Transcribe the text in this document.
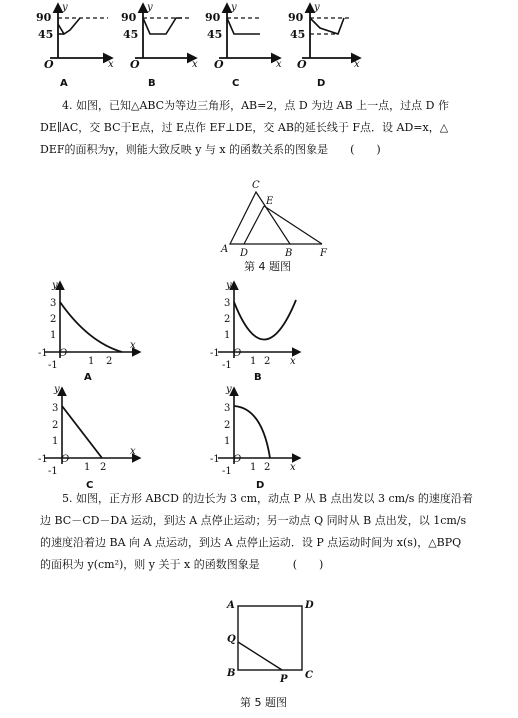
90
45
y
O	x
90
45
y
O	x
90
45
y
O	x
90
45
y
O	x
A	B	C	D
4. 如图，已知△ABC为等边三角形，AB=2，点 D 为边 AB 上一点，过点 D 作
DE∥AC，交 BC于E点，过 E点作 EF⊥DE，交 AB的延长线于 F点．设 AD=x，△
DEF的面积为y，则能大致反映 y 与 x 的函数关系的图象是　　(　　)
C
E
A D	B	F
第 4 题图
y
3
2
1
-1 O
1 2
x
-1
y
3
2
1
-1 O
1 2 x
-1
y
3
2
1
-1 O
1 2
x
-1
y
3
2
1
-1 O
1 2 x
-1
A	B
C	D
5. 如图，正方形 ABCD 的边长为 3 cm，动点 P 从 B 点出发以 3 cm/s 的速度沿着
边 BC－CD－DA 运动，到达 A 点停止运动；另一动点 Q 同时从 B 点出发，以 1cm/s
的速度沿着边 BA 向 A 点运动，到达 A 点停止运动．设 P 点运动时间为 x(s)，△BPQ
的面积为 y(cm²)，则 y 关于 x 的函数图象是　　　(　　)
A	D
Q
B
P C
第 5 题图
